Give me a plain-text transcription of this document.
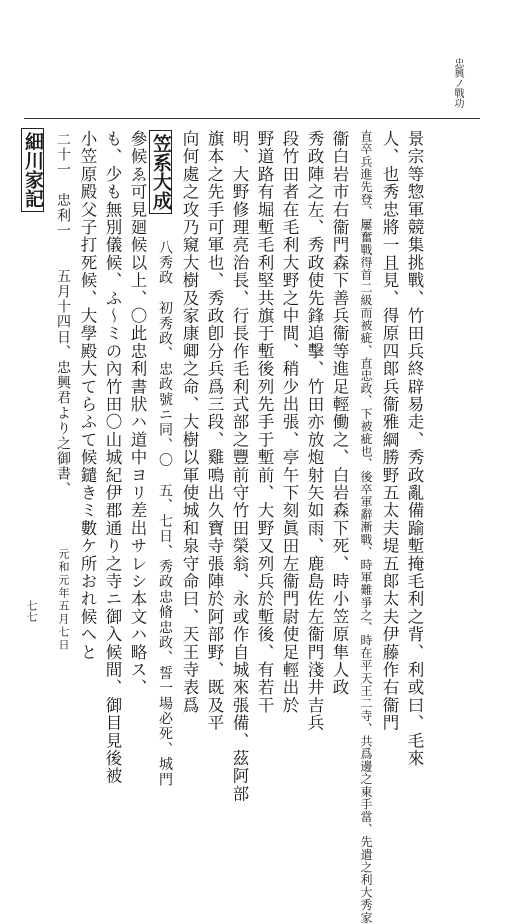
忠興ノ戰功
細川家記 二十一　忠利一　　五月十四日、忠興君より之御書、 小笠原殿父子打死候、大學殿大てらふて候鑓きミ數ケ所おれ候へと も、少も無別儀候、ふ～ミの內竹田〇山城紀伊郡通り之寺ニ御入候間、御目見後被 參候ゑ可見廻候以上、〇此忠利書狀ハ道中ヨリ差出サレシ本文ハ略ス、 笠系大成
八秀政　初秀政、忠政號ニ同、〇　五、七日、秀政忠脩忠政、誓一場必死、城門 向何處之攻乃窺大樹及家康卿之命、大樹以軍使城和泉守命曰、天王寺表爲 旗本之先手可軍也、秀政卽分兵爲三段、雞鳴出久寶寺張陣於阿部野、既及平 明、大野修理亮治長、行長作毛利式部之豐前守竹田榮翁、永或作自城來張備、茲阿部 野道路有堀塹毛利堅共旗于塹後列先手于塹前、大野又列兵於塹後、有若干 段竹田者在毛利大野之中間、稍少出張、亭午下刻眞田左衞門尉使足輕出於 秀政陣之左、秀政使先鋒追擊、竹田亦放炮射矢如雨、鹿島佐左衞門淺井吉兵 衞白岩市右衞門森下善兵衞等進足輕働之、白岩森下死、時小笠原隼人政 直卒兵進先登、屢奮戰得首二級而被疵、直忠政、下被疵也、後卒軍辭漸戰、時軍難爭之、時在平天王二寺、共爲邊之東手當、先遣之利大秀家 人、也秀忠將一且見、得原四郞兵衞雅綱勝野五太夫堤五郞太夫伊藤作右衞門 景宗等惣軍競集挑戰、竹田兵終辟易走、秀政亂備踰塹掩毛利之背、利或曰、毛來
元和元年五月七日
七七
